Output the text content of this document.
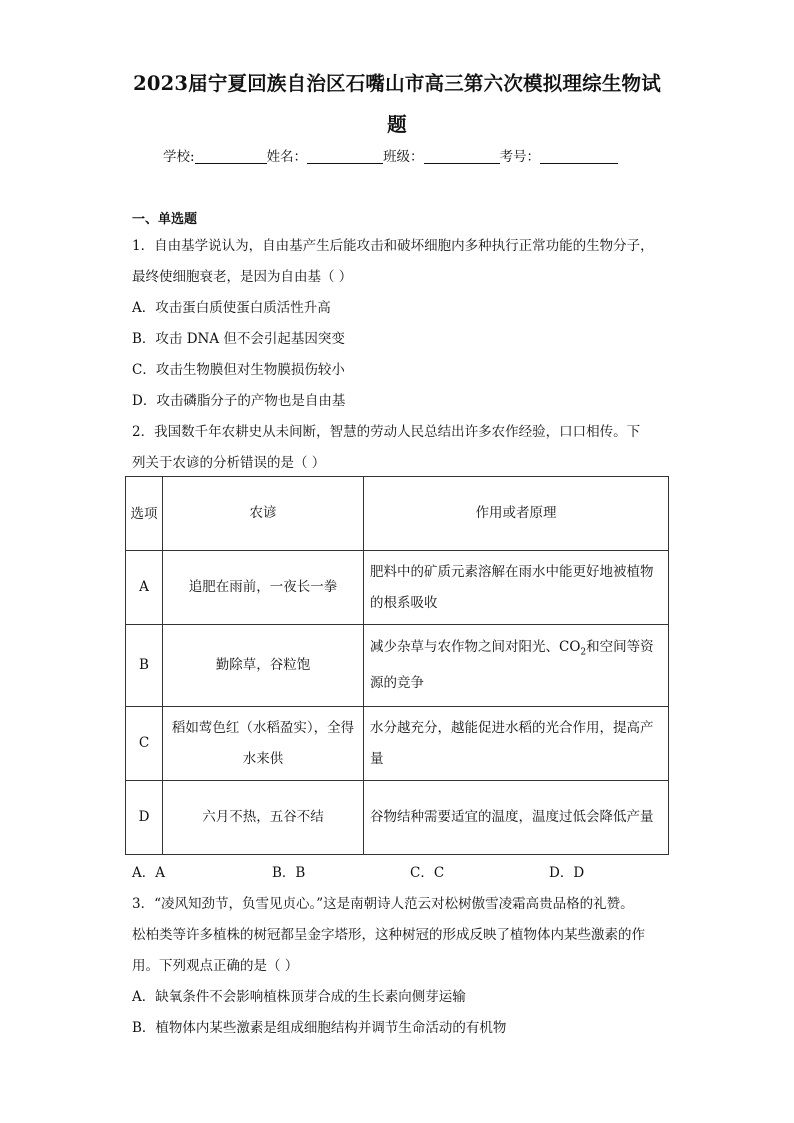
2023届宁夏回族自治区石嘴山市高三第六次模拟理综生物试
题
学校:	姓名：	班级：	考号：
一、单选题
1．自由基学说认为，自由基产生后能攻击和破坏细胞内多种执行正常功能的生物分子，
最终使细胞衰老，是因为自由基（ ）
A．攻击蛋白质使蛋白质活性升高
B．攻击 DNA 但不会引起基因突变
C．攻击生物膜但对生物膜损伤较小
D．攻击磷脂分子的产物也是自由基
2．我国数千年农耕史从未间断，智慧的劳动人民总结出许多农作经验，口口相传。下
列关于农谚的分析错误的是（ ）
选项	农谚	作用或者原理
A	追肥在雨前，一夜长一拳	肥料中的矿质元素溶解在雨水中能更好地被植物的根系吸收
B	勤除草，谷粒饱	减少杂草与农作物之间对阳光、$CO_2$和空间等资源的竞争
C	稻如莺色红（水稻盈实），全得水来供	水分越充分，越能促进水稻的光合作用，提高产量
D	六月不热，五谷不结	谷物结种需要适宜的温度，温度过低会降低产量
A．A	B．B	C．C	D．D
3．“凌风知劲节，负雪见贞心。”这是南朝诗人范云对松树傲雪凌霜高贵品格的礼赞。
松柏类等许多植株的树冠都呈金字塔形，这种树冠的形成反映了植物体内某些激素的作
用。下列观点正确的是（ ）
A．缺氧条件不会影响植株顶芽合成的生长素向侧芽运输
B．植物体内某些激素是组成细胞结构并调节生命活动的有机物
